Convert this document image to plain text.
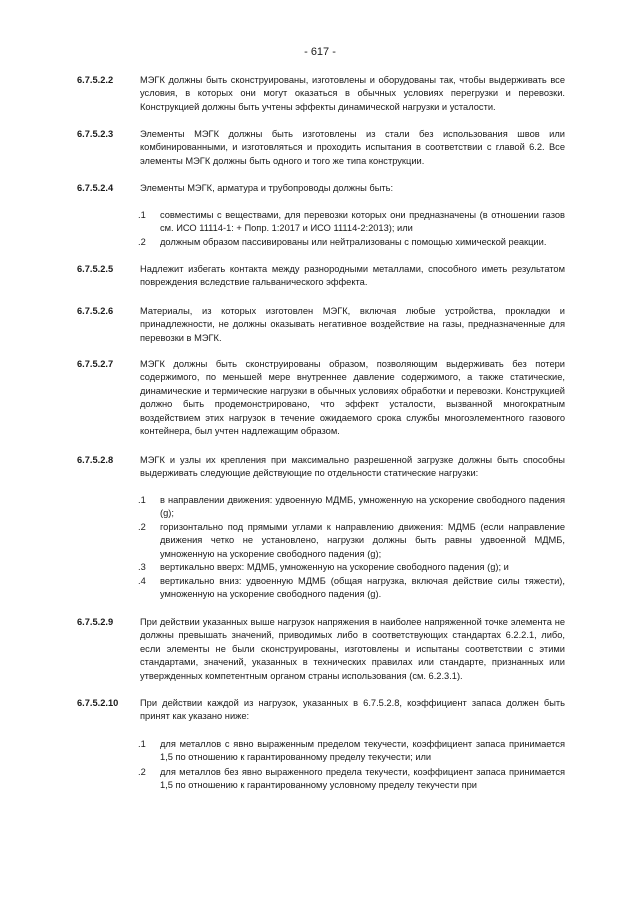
- 617 -
6.7.5.2.2	МЭГК должны быть сконструированы, изготовлены и оборудованы так, чтобы выдерживать все условия, в которых они могут оказаться в обычных условиях перегрузки и перевозки. Конструкцией должны быть учтены эффекты динамической нагрузки и усталости.
6.7.5.2.3	Элементы МЭГК должны быть изготовлены из стали без использования швов или комбинированными, и изготовляться и проходить испытания в соответствии с главой 6.2. Все элементы МЭГК должны быть одного и того же типа конструкции.
6.7.5.2.4	Элементы МЭГК, арматура и трубопроводы должны быть:
.1	совместимы с веществами, для перевозки которых они предназначены (в отношении газов см. ИСО 11114-1: + Попр. 1:2017 и ИСО 11114-2:2013); или
.2	должным образом пассивированы или нейтрализованы с помощью химической реакции.
6.7.5.2.5	Надлежит избегать контакта между разнородными металлами, способного иметь результатом повреждения вследствие гальванического эффекта.
6.7.5.2.6	Материалы, из которых изготовлен МЭГК, включая любые устройства, прокладки и принадлежности, не должны оказывать негативное воздействие на газы, предназначенные для перевозки в МЭГК.
6.7.5.2.7	МЭГК должны быть сконструированы образом, позволяющим выдерживать без потери содержимого, по меньшей мере внутреннее давление содержимого, а также статические, динамические и термические нагрузки в обычных условиях обработки и перевозки. Конструкцией должно быть продемонстрировано, что эффект усталости, вызванной многократным воздействием этих нагрузок в течение ожидаемого срока службы многоэлементного газового контейнера, был учтен надлежащим образом.
6.7.5.2.8	МЭГК и узлы их крепления при максимально разрешенной загрузке должны быть способны выдерживать следующие действующие по отдельности статические нагрузки:
.1	в направлении движения: удвоенную МДМБ, умноженную на ускорение свободного падения (g);
.2	горизонтально под прямыми углами к направлению движения: МДМБ (если направление движения четко не установлено, нагрузки должны быть равны удвоенной МДМБ, умноженную на ускорение свободного падения (g);
.3	вертикально вверх: МДМБ, умноженную на ускорение свободного падения (g); и
.4	вертикально вниз: удвоенную МДМБ (общая нагрузка, включая действие силы тяжести), умноженную на ускорение свободного падения (g).
6.7.5.2.9	При действии указанных выше нагрузок напряжения в наиболее напряженной точке элемента не должны превышать значений, приводимых либо в соответствующих стандартах 6.2.2.1, либо, если элементы не были сконструированы, изготовлены и испытаны соответствии с этими стандартами, значений, указанных в технических правилах или стандарте, признанных или утвержденных компетентным органом страны использования (см. 6.2.3.1).
6.7.5.2.10 При действии каждой из нагрузок, указанных в 6.7.5.2.8, коэффициент запаса должен быть принят как указано ниже:
.1	для металлов с явно выраженным пределом текучести, коэффициент запаса принимается 1,5 по отношению к гарантированному пределу текучести; или
.2	для металлов без явно выраженного предела текучести, коэффициент запаса принимается 1,5 по отношению к гарантированному условному пределу текучести при
